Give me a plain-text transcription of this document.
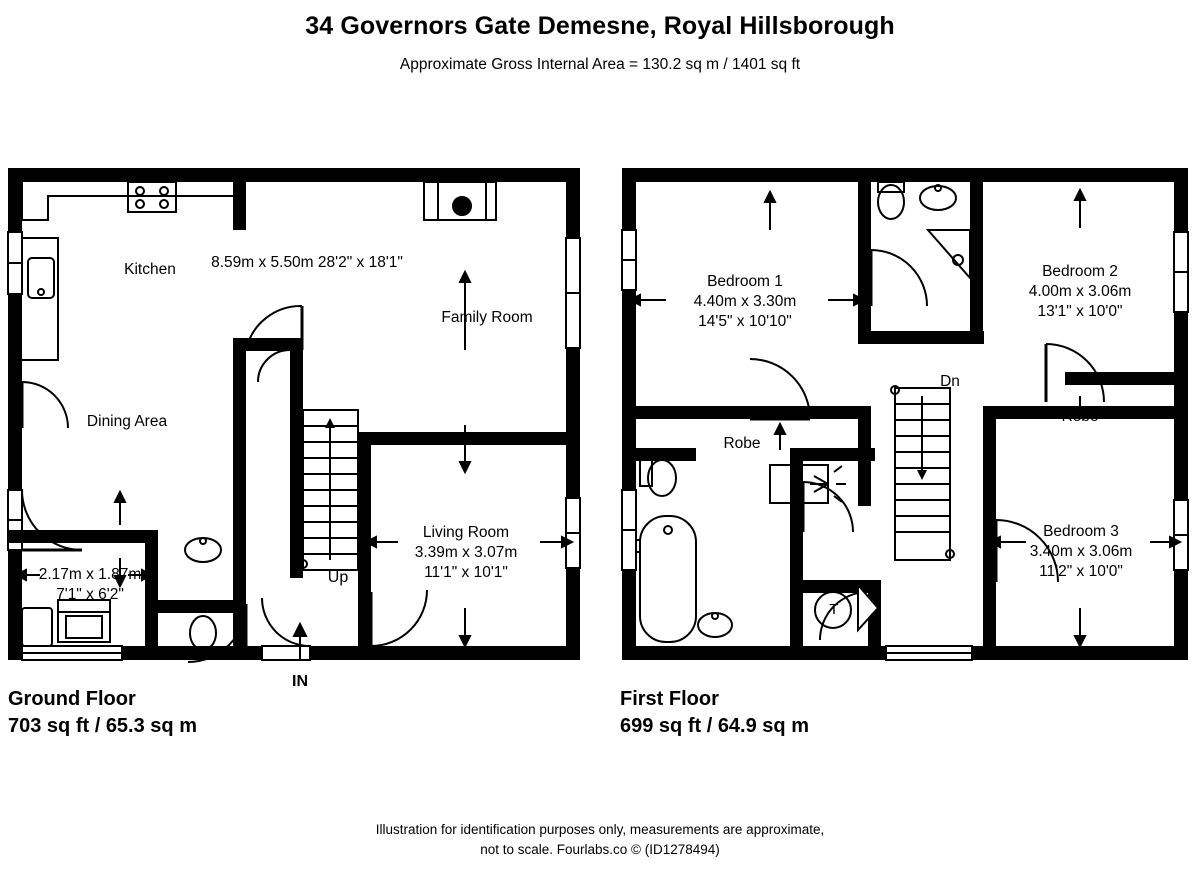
34 Governors Gate Demesne, Royal Hillsborough
Approximate Gross Internal Area = 130.2 sq m / 1401 sq ft
Kitchen 8.59m x 5.50m 28'2" x 18'1"
Family Room
Dining Area
Living Room
3.39m x 3.07m
11'1" x 10'1"
2.17m x 1.87m
7'1" x 6'2"
Up
IN
Bedroom 1
4.40m x 3.30m
14'5" x 10'10"
Bedroom 2
4.00m x 3.06m
13'1" x 10'0"
Bedroom 3
3.40m x 3.06m
11'2" x 10'0"
Robe
Robe
Dn
T
Ground Floor
703 sq ft / 65.3 sq m
First Floor
699 sq ft / 64.9 sq m
Illustration for identification purposes only, measurements are approximate,
not to scale. Fourlabs.co © (ID1278494)
